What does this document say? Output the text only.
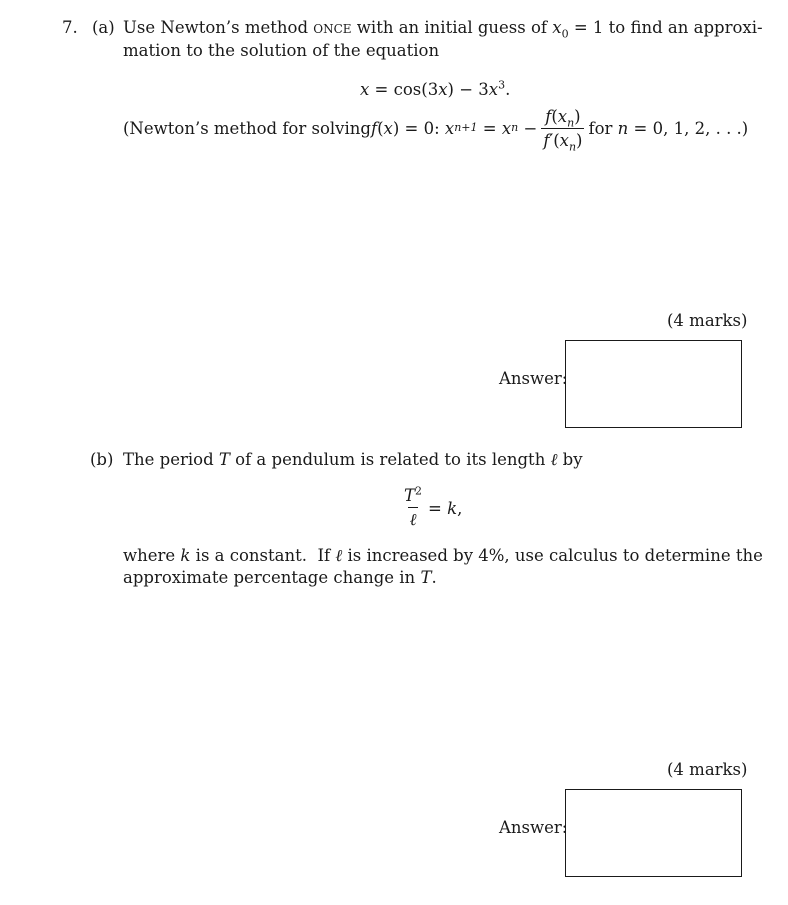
7. (a) Use Newton’s method once with an initial guess of $x_0 = 1$ to find an approxi-
mation to the solution of the equation
$x = \cos(3x) - 3x^3$.
(Newton’s method for solving f ( x ) = 0: x n+1 = x $n - \frac{f(x_n)}{f'(x_n)}$ for n = 0, 1, 2, . . .)
(4 marks)
Answer:
(b) The period T of a pendulum is related to its length ℓ by
$\frac{T^2}{\text{ℓ}} = k$ ,
where k is a constant.  If ℓ is increased by 4%, use calculus to determine the
approximate percentage change in T.
(4 marks)
Answer:
